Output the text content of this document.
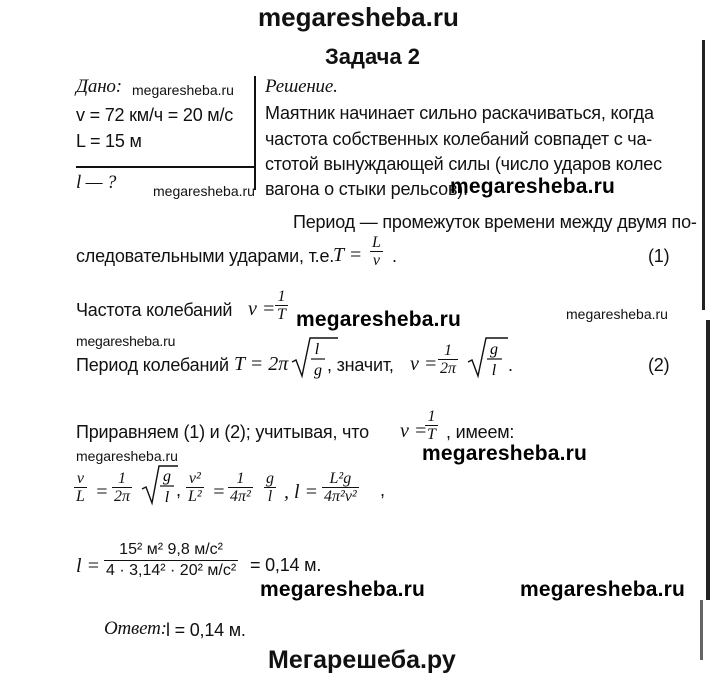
megaresheba.ru
Задача 2
Дано: megaresheba.ru
v = 72 км/ч = 20 м/с
L = 15 м
l — ?
Решение.
Маятник начинает сильно раскачиваться, когда
частота собственных колебаний совпадет с ча-
стотой вынуждающей силы (число ударов колес
вагона о стыки рельсов).
megaresheba.ru	megaresheba.ru
Период — промежуток времени между двумя по-
следовательными ударами, т.е.
$T = \frac{L}{v}$ .	(1)
Частота колебаний $\nu = \frac{1}{T}$ megaresheba.ru	megaresheba.ru
megaresheba.ru
Период колебаний T = 2π
l
g , значит, $\nu = \frac{1}{2\pi}$ g
l .	(2)
Приравняем (1) и (2); учитывая, что ν =
$\frac{1}{T}$ , имеем:
megaresheba.ru	megaresheba.ru
$\frac{v}{L} = \frac{1}{2\pi}$ g
l , $\frac{\text{v²}}{\text{L²}} = \frac{1}{\text{4π²}} \frac{g}{l}$ , $l = \frac{\text{L²g}}{\text{4π²v²}}$ ,
l =
15² м² 9,8 м/с²
4 · 3,14² · 20² м/с² = 0,14 м.
megaresheba.ru	megaresheba.ru
Ответ: l = 0,14 м.
Мегарешеба.ру
